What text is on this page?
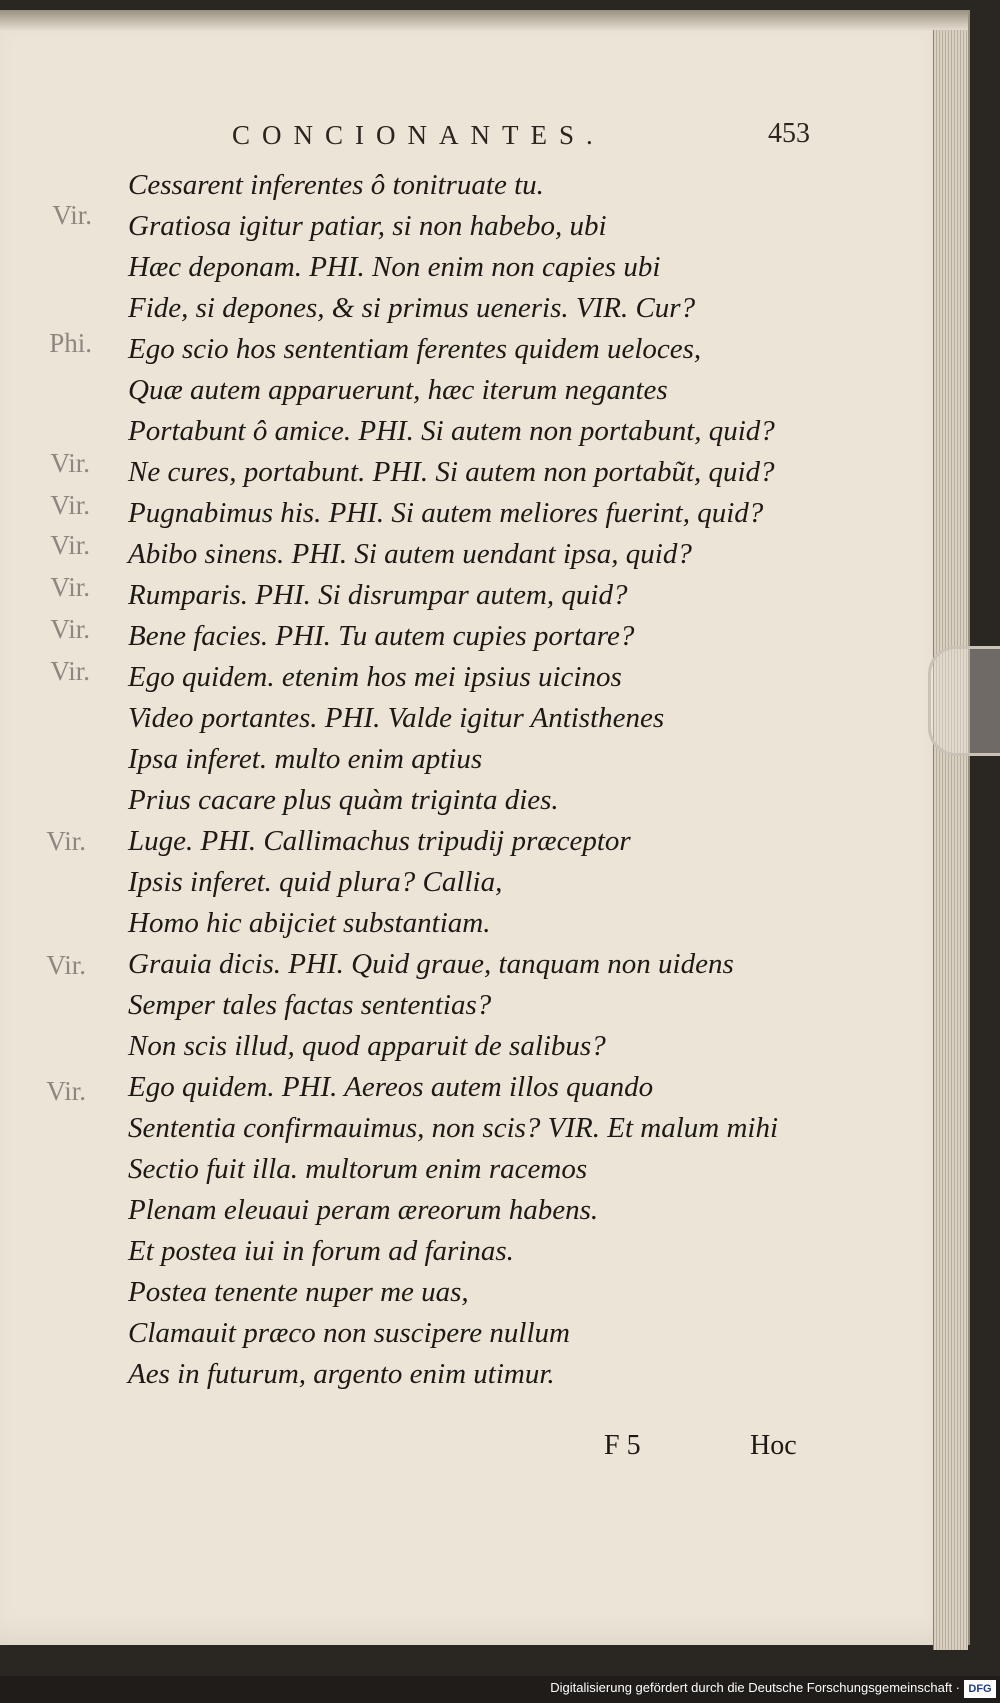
CONCIONANTES.	453
Vir.
Phi.
Vir.
Vir.
Vir.
Vir.
Vir.
Vir.
Vir.
Vir.
Vir.
Cessarent inferentes ô tonitruate tu.
Gratiosa igitur patiar, si non habebo, ubi
Hæc deponam. PHI. Non enim non capies ubi
Fide, si depones, & si primus ueneris. VIR. Cur?
Ego scio hos sententiam ferentes quidem ueloces,
Quæ autem apparuerunt, hæc iterum negantes
Portabunt ô amice. PHI. Si autem non portabunt, quid?
Ne cures, portabunt. PHI. Si autem non portabũt, quid?
Pugnabimus his. PHI. Si autem meliores fuerint, quid?
Abibo sinens. PHI. Si autem uendant ipsa, quid?
Rumparis. PHI. Si disrumpar autem, quid?
Bene facies. PHI. Tu autem cupies portare?
Ego quidem. etenim hos mei ipsius uicinos
Video portantes. PHI. Valde igitur Antisthenes
Ipsa inferet. multo enim aptius
Prius cacare plus quàm triginta dies.
Luge. PHI. Callimachus tripudij præceptor
Ipsis inferet. quid plura? Callia,
Homo hic abijciet substantiam.
Grauia dicis. PHI. Quid graue, tanquam non uidens
Semper tales factas sententias?
Non scis illud, quod apparuit de salibus?
Ego quidem. PHI. Aereos autem illos quando
Sententia confirmauimus, non scis? VIR. Et malum mihi
Sectio fuit illa. multorum enim racemos
Plenam eleuaui peram æreorum habens.
Et postea iui in forum ad farinas.
Postea tenente nuper me uas,
Clamauit præco non suscipere nullum
Aes in futurum, argento enim utimur.
F 5	Hoc
Digitalisierung gefördert durch die Deutsche Forschungsgemeinschaft · DFG
